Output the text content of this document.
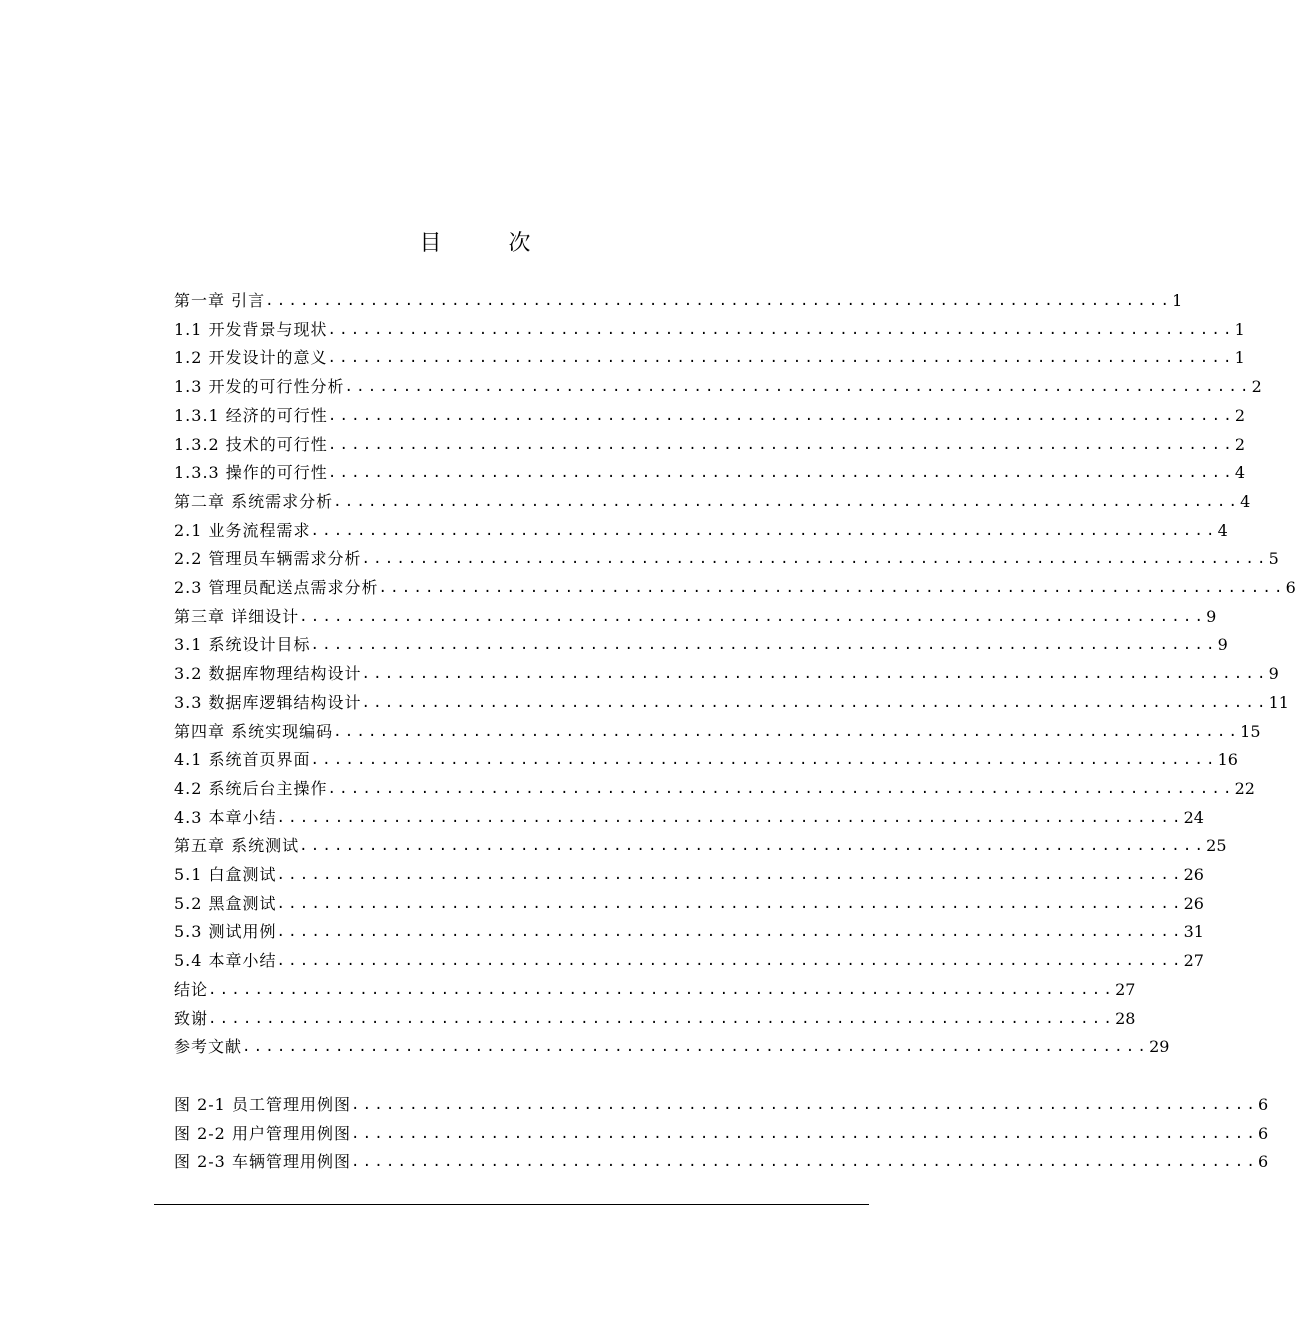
目 次
第一章 引言 .............................................................................. 1
1.1 开发背景与现状 .............................................................................. 1
1.2 开发设计的意义 .............................................................................. 1
1.3 开发的可行性分析 .............................................................................. 2
1.3.1 经济的可行性 .............................................................................. 2
1.3.2 技术的可行性 .............................................................................. 2
1.3.3 操作的可行性 .............................................................................. 4
第二章 系统需求分析 .............................................................................. 4
2.1 业务流程需求 .............................................................................. 4
2.2 管理员车辆需求分析 .............................................................................. 5
2.3 管理员配送点需求分析 .............................................................................. 6
第三章 详细设计 .............................................................................. 9
3.1 系统设计目标 .............................................................................. 9
3.2 数据库物理结构设计 .............................................................................. 9
3.3 数据库逻辑结构设计 .............................................................................. 11
第四章 系统实现编码 .............................................................................. 15
4.1 系统首页界面 .............................................................................. 16
4.2 系统后台主操作 .............................................................................. 22
4.3 本章小结 .............................................................................. 24
第五章 系统测试 .............................................................................. 25
5.1 白盒测试 .............................................................................. 26
5.2 黑盒测试 .............................................................................. 26
5.3 测试用例 .............................................................................. 31
5.4 本章小结 .............................................................................. 27
结论 .............................................................................. 27
致谢 .............................................................................. 28
参考文献 .............................................................................. 29
图 2-1 员工管理用例图 .............................................................................. 6
图 2-2 用户管理用例图 .............................................................................. 6
图 2-3 车辆管理用例图 .............................................................................. 6
